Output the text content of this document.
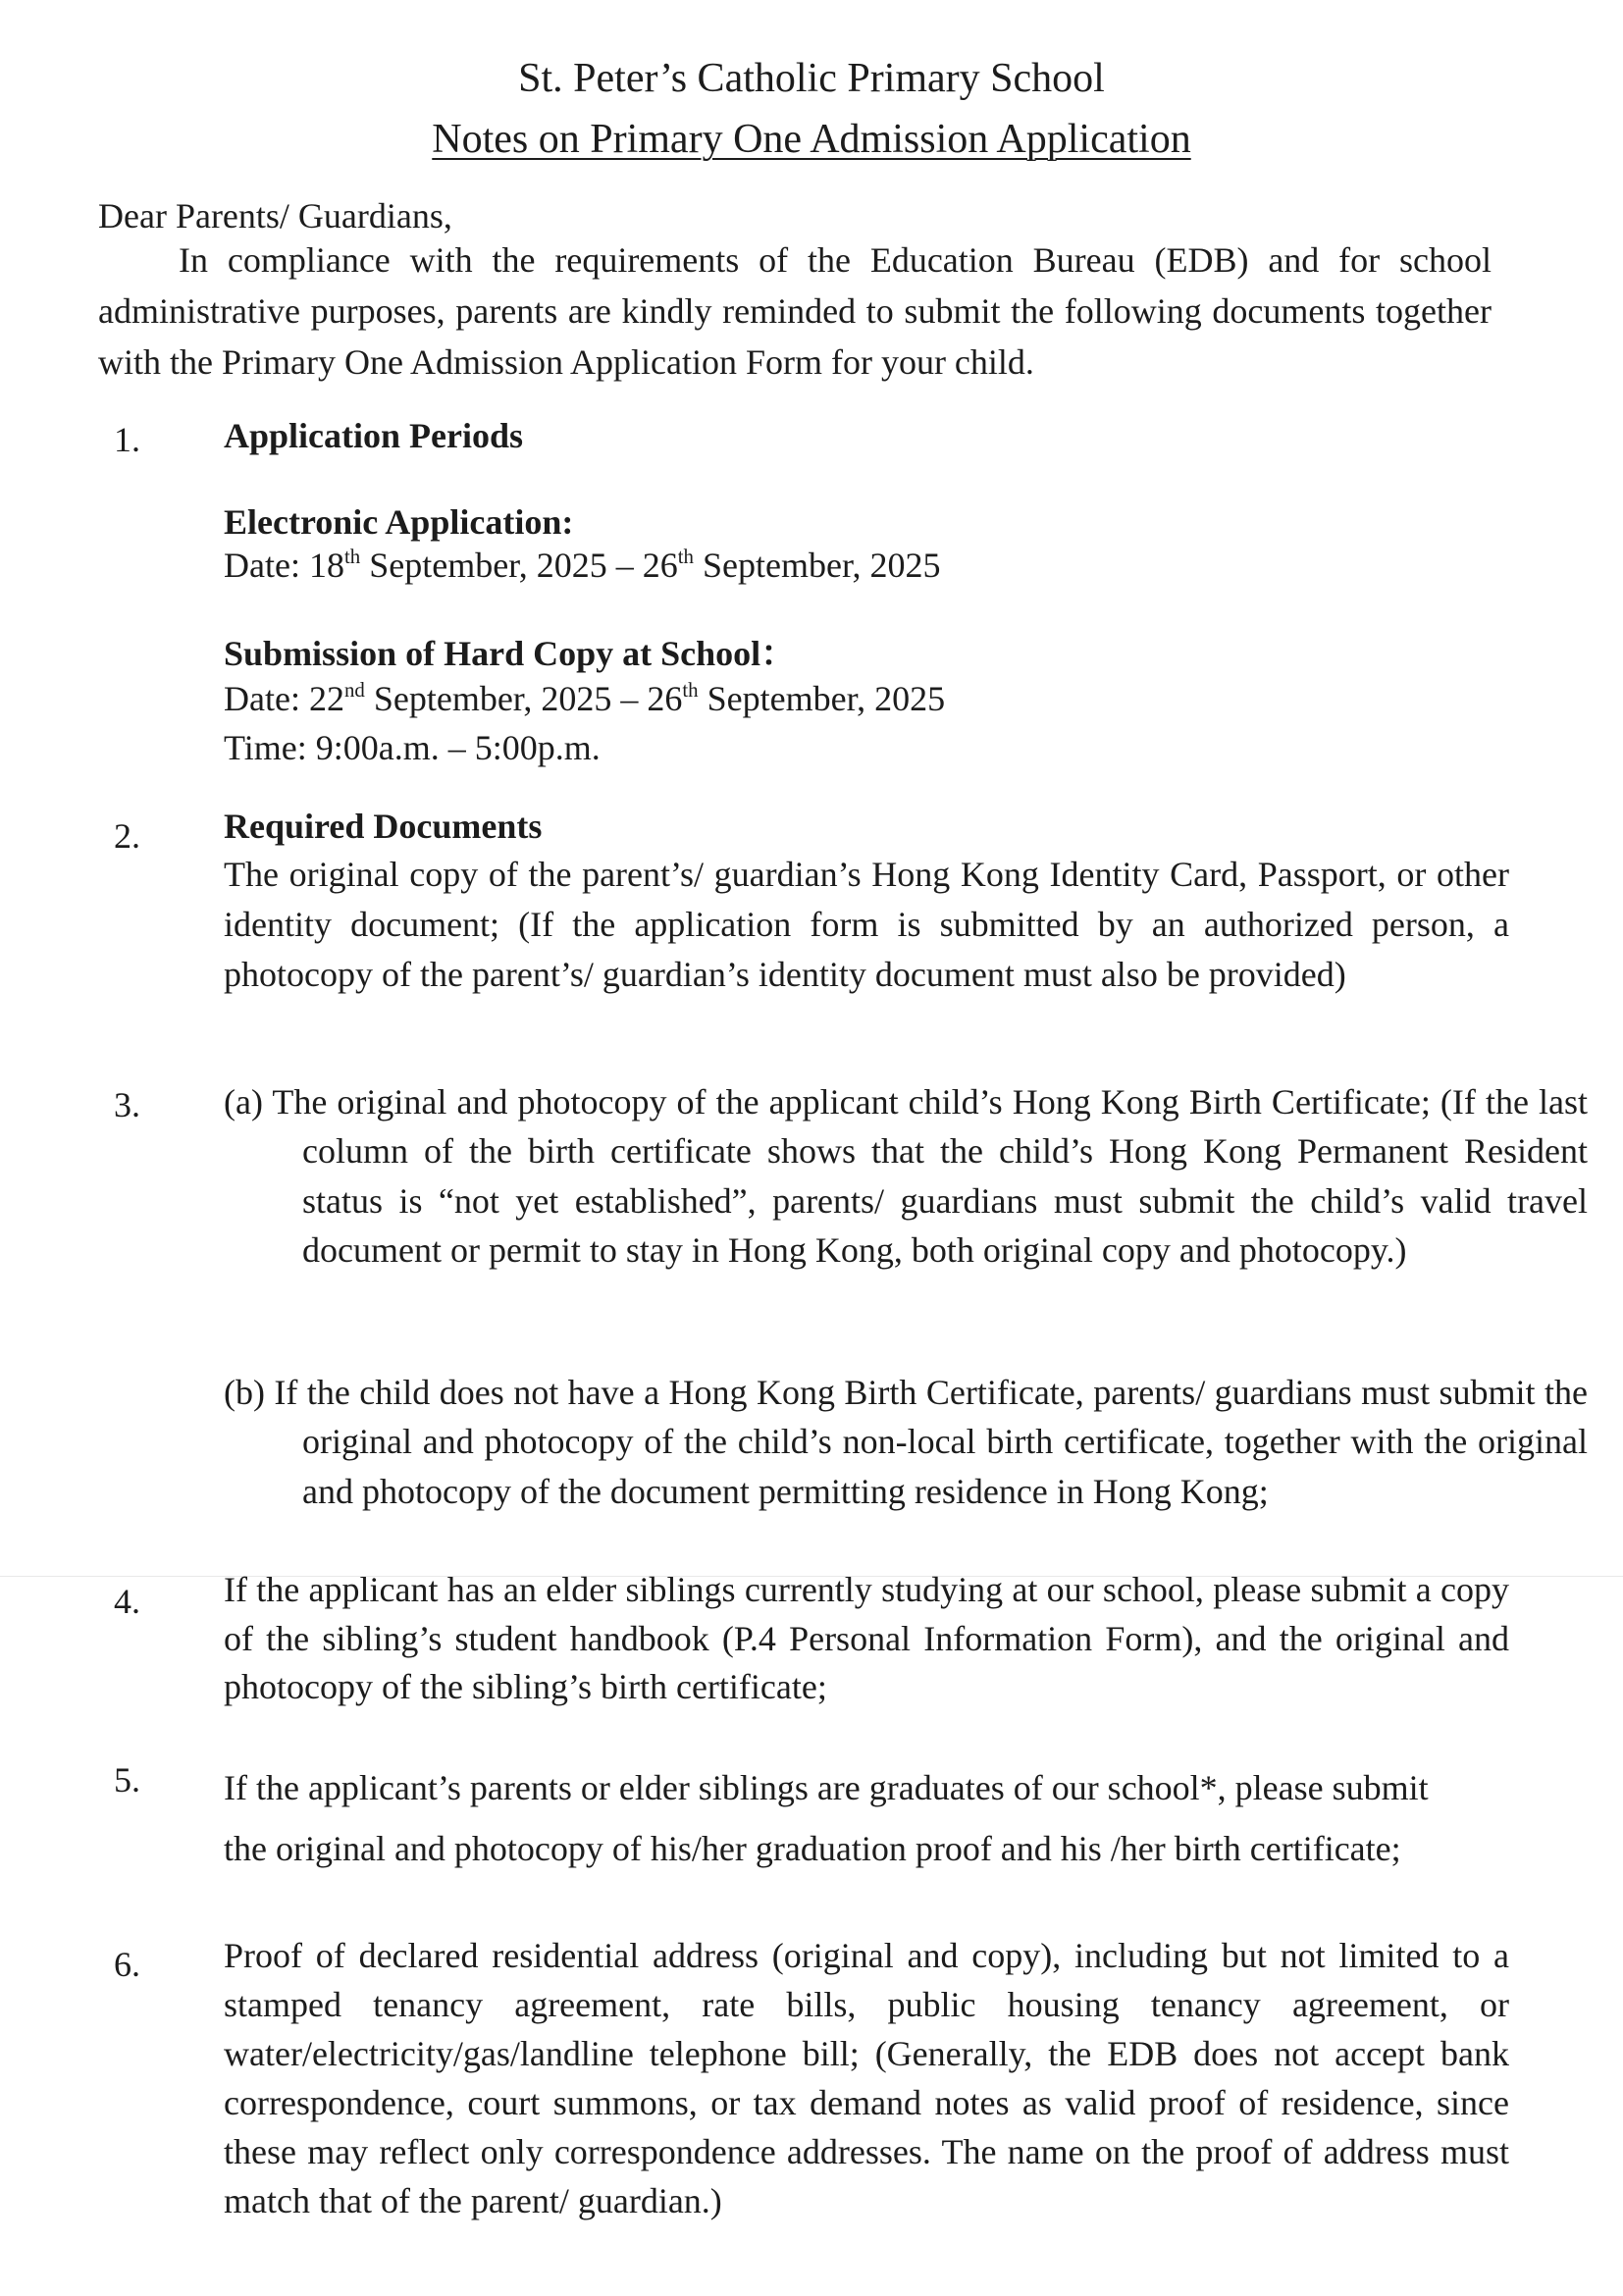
St. Peter’s Catholic Primary School
Notes on Primary One Admission Application
Dear Parents/ Guardians,
In compliance with the requirements of the Education Bureau (EDB) and for school administrative purposes, parents are kindly reminded to submit the following documents together with the Primary One Admission Application Form for your child.
1. Application Periods
Electronic Application:
Date: 18th September, 2025 – 26th September, 2025
Submission of Hard Copy at School：
Date: 22nd September, 2025 – 26th September, 2025
Time: 9:00a.m. – 5:00p.m.
2. Required Documents
The original copy of the parent’s/ guardian’s Hong Kong Identity Card, Passport, or other identity document; (If the application form is submitted by an authorized person, a photocopy of the parent’s/ guardian’s identity document must also be provided)
3. (a) The original and photocopy of the applicant child’s Hong Kong Birth Certificate; (If the last column of the birth certificate shows that the child’s Hong Kong Permanent Resident status is “not yet established”, parents/ guardians must submit the child’s valid travel document or permit to stay in Hong Kong, both original copy and photocopy.)
(b) If the child does not have a Hong Kong Birth Certificate, parents/ guardians must submit the original and photocopy of the child’s non-local birth certificate, together with the original and photocopy of the document permitting residence in Hong Kong;
4. If the applicant has an elder siblings currently studying at our school, please submit a copy of the sibling’s student handbook (P.4 Personal Information Form), and the original and photocopy of the sibling’s birth certificate;
5. If the applicant’s parents or elder siblings are graduates of our school*, please submit
the original and photocopy of his/her graduation proof and his /her birth certificate;
6. Proof of declared residential address (original and copy), including but not limited to a stamped tenancy agreement, rate bills, public housing tenancy agreement, or water/electricity/gas/landline telephone bill; (Generally, the EDB does not accept bank correspondence, court summons, or tax demand notes as valid proof of residence, since these may reflect only correspondence addresses. The name on the proof of address must match that of the parent/ guardian.)
